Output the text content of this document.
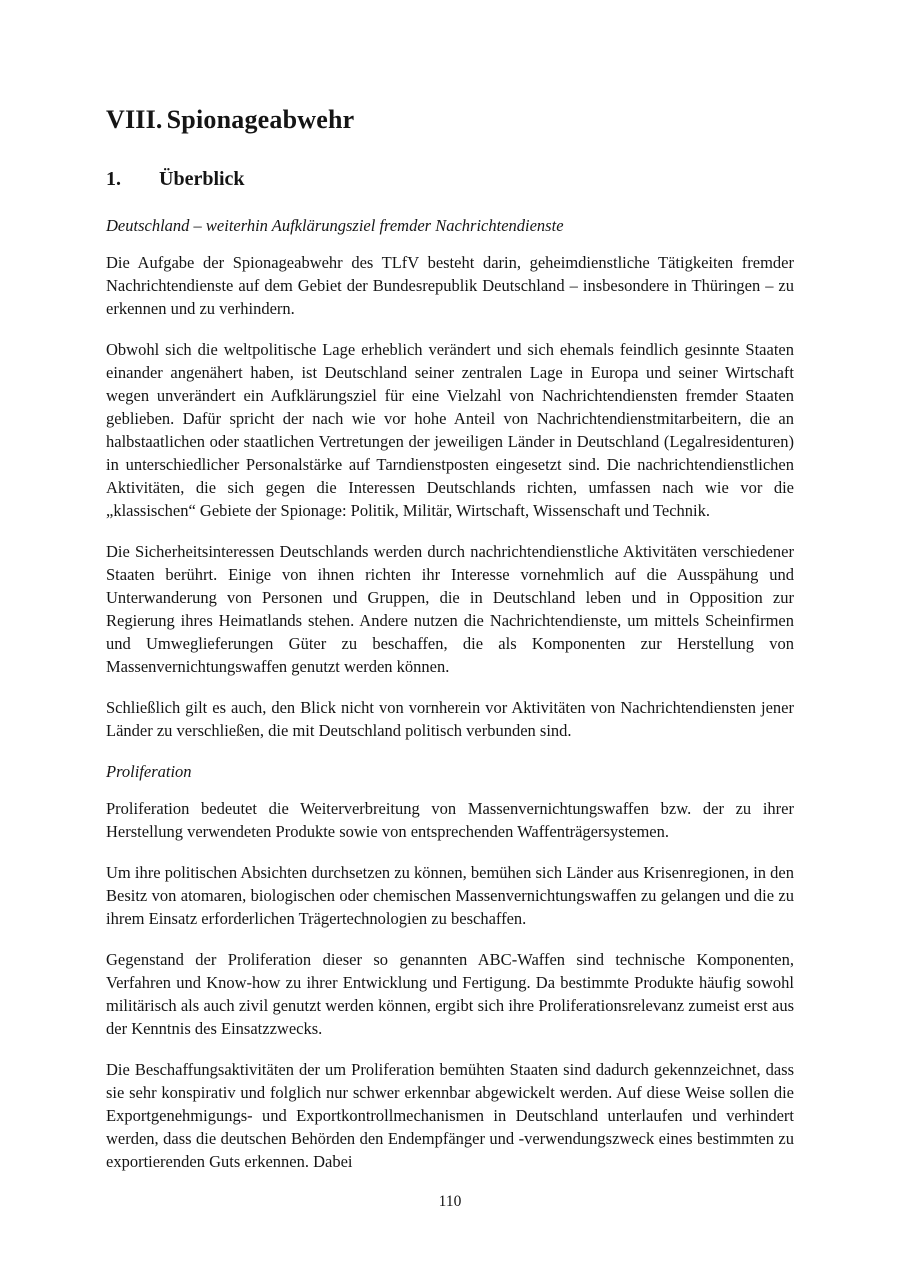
VIII. Spionageabwehr
1.	Überblick

Deutschland – weiterhin Aufklärungsziel fremder Nachrichtendienste

Die Aufgabe der Spionageabwehr des TLfV besteht darin, geheimdienstliche Tätigkeiten fremder Nachrichtendienste auf dem Gebiet der Bundesrepublik Deutschland – insbesondere in Thüringen – zu erkennen und zu verhindern.

Obwohl sich die weltpolitische Lage erheblich verändert und sich ehemals feindlich gesinnte Staaten einander angenähert haben, ist Deutschland seiner zentralen Lage in Europa und seiner Wirtschaft wegen unverändert ein Aufklärungsziel für eine Vielzahl von Nachrichtendiensten fremder Staaten geblieben. Dafür spricht der nach wie vor hohe Anteil von Nachrichtendienstmitarbeitern, die an halbstaatlichen oder staatlichen Vertretungen der jeweiligen Länder in Deutschland (Legalresidenturen) in unterschiedlicher Personalstärke auf Tarndienstposten eingesetzt sind. Die nachrichtendienstlichen Aktivitäten, die sich gegen die Interessen Deutschlands richten, umfassen nach wie vor die „klassischen“ Gebiete der Spionage: Politik, Militär, Wirtschaft, Wissenschaft und Technik.

Die Sicherheitsinteressen Deutschlands werden durch nachrichtendienstliche Aktivitäten verschiedener Staaten berührt. Einige von ihnen richten ihr Interesse vornehmlich auf die Ausspähung und Unterwanderung von Personen und Gruppen, die in Deutschland leben und in Opposition zur Regierung ihres Heimatlands stehen. Andere nutzen die Nachrichtendienste, um mittels Scheinfirmen und Umweglieferungen Güter zu beschaffen, die als Komponenten zur Herstellung von Massenvernichtungswaffen genutzt werden können.

Schließlich gilt es auch, den Blick nicht von vornherein vor Aktivitäten von Nachrichtendiensten jener Länder zu verschließen, die mit Deutschland politisch verbunden sind.

Proliferation

Proliferation bedeutet die Weiterverbreitung von Massenvernichtungswaffen bzw. der zu ihrer Herstellung verwendeten Produkte sowie von entsprechenden Waffenträgersystemen.

Um ihre politischen Absichten durchsetzen zu können, bemühen sich Länder aus Krisenregionen, in den Besitz von atomaren, biologischen oder chemischen Massenvernichtungswaffen zu gelangen und die zu ihrem Einsatz erforderlichen Trägertechnologien zu beschaffen.

Gegenstand der Proliferation dieser so genannten ABC-Waffen sind technische Komponenten, Verfahren und Know-how zu ihrer Entwicklung und Fertigung. Da bestimmte Produkte häufig sowohl militärisch als auch zivil genutzt werden können, ergibt sich ihre Proliferationsrelevanz zumeist erst aus der Kenntnis des Einsatzzwecks.

Die Beschaffungsaktivitäten der um Proliferation bemühten Staaten sind dadurch gekennzeichnet, dass sie sehr konspirativ und folglich nur schwer erkennbar abgewickelt werden. Auf diese Weise sollen die Exportgenehmigungs- und Exportkontrollmechanismen in Deutschland unterlaufen und verhindert werden, dass die deutschen Behörden den Endempfänger und -verwendungszweck eines bestimmten zu exportierenden Guts erkennen. Dabei

110
